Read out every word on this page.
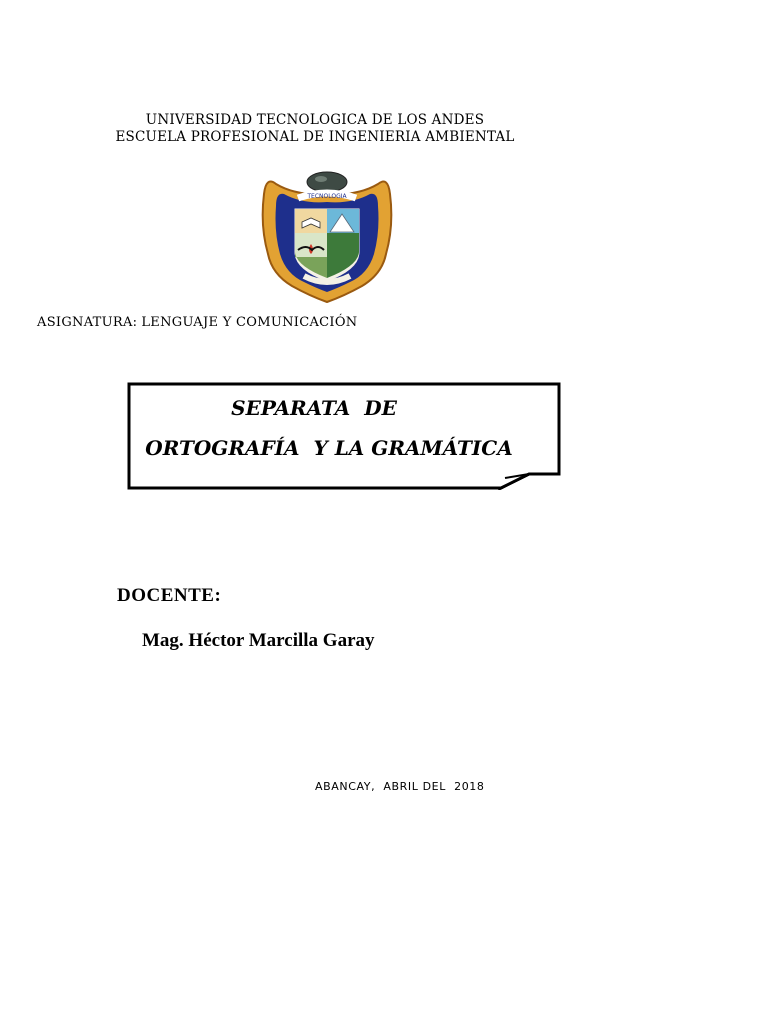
UNIVERSIDAD TECNOLOGICA DE LOS ANDES
ESCUELA PROFESIONAL DE INGENIERIA AMBIENTAL
TECNOLOGIA
ASIGNATURA: LENGUAJE Y COMUNICACIÓN
SEPARATA  DE
ORTOGRAFÍA  Y LA GRAMÁTICA
DOCENTE:
Mag. Héctor Marcilla Garay
ABANCAY,  ABRIL DEL  2018
